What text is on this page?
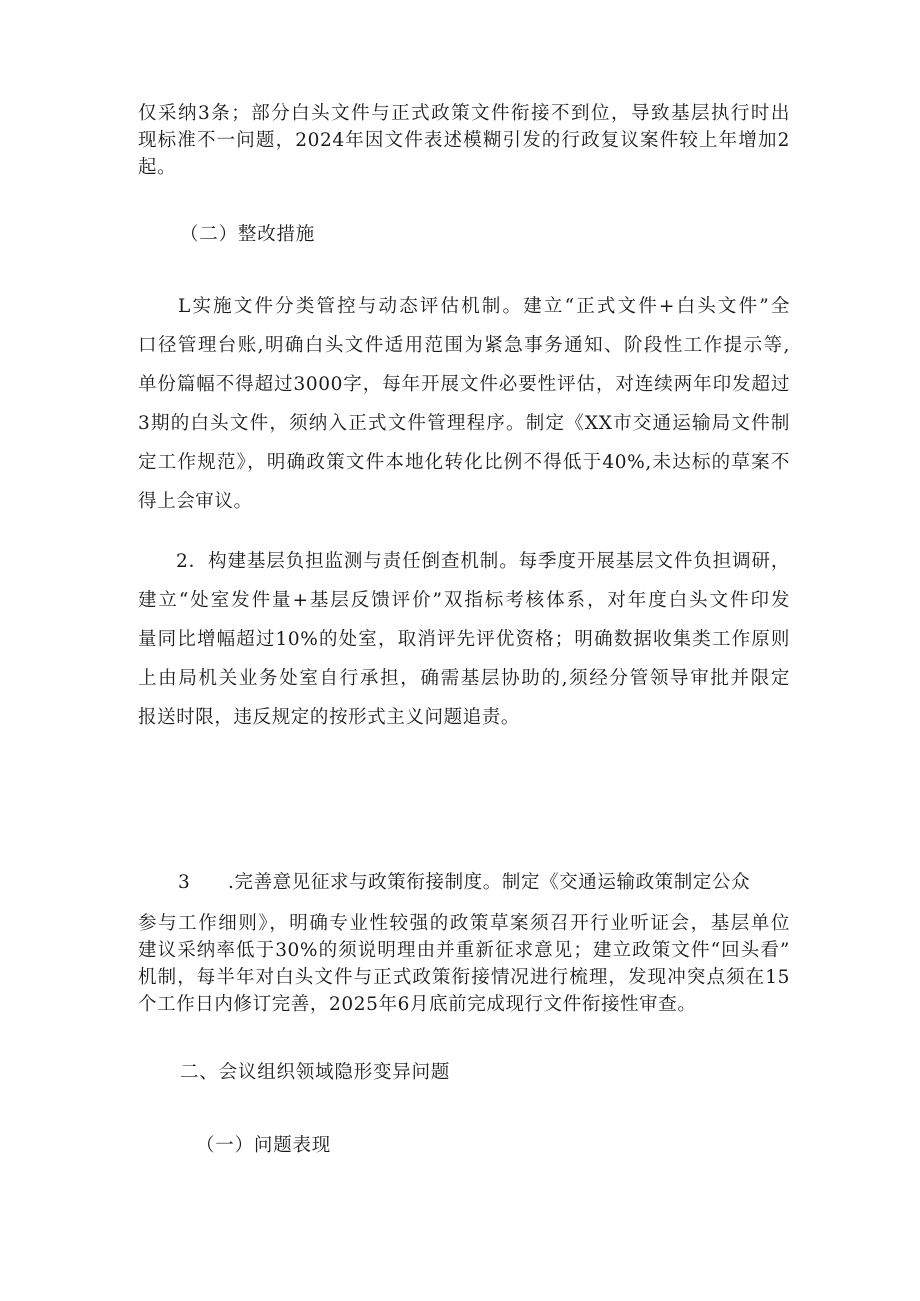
仅采纳3条；部分白头文件与正式政策文件衔接不到位，导致基层执行时出
现标准不一问题，2024年因文件表述模糊引发的行政复议案件较上年增加2
起。
（二）整改措施
L实施文件分类管控与动态评估机制。建立“正式文件+白头文件”全
口径管理台账,明确白头文件适用范围为紧急事务通知、阶段性工作提示等,
单份篇幅不得超过3000字，每年开展文件必要性评估，对连续两年印发超过
3期的白头文件，须纳入正式文件管理程序。制定《XX市交通运输局文件制
定工作规范》，明确政策文件本地化转化比例不得低于40%,未达标的草案不
得上会审议。
2．构建基层负担监测与责任倒查机制。每季度开展基层文件负担调研，
建立“处室发件量+基层反馈评价”双指标考核体系，对年度白头文件印发
量同比增幅超过10%的处室，取消评先评优资格；明确数据收集类工作原则
上由局机关业务处室自行承担，确需基层协助的,须经分管领导审批并限定
报送时限，违反规定的按形式主义问题追责。
3 .完善意见征求与政策衔接制度。制定《交通运输政策制定公众
参与工作细则》，明确专业性较强的政策草案须召开行业听证会，基层单位
建议采纳率低于30%的须说明理由并重新征求意见；建立政策文件“回头看”
机制，每半年对白头文件与正式政策衔接情况进行梳理，发现冲突点须在15
个工作日内修订完善，2025年6月底前完成现行文件衔接性审查。
二、会议组织领域隐形变异问题
（一）问题表现
